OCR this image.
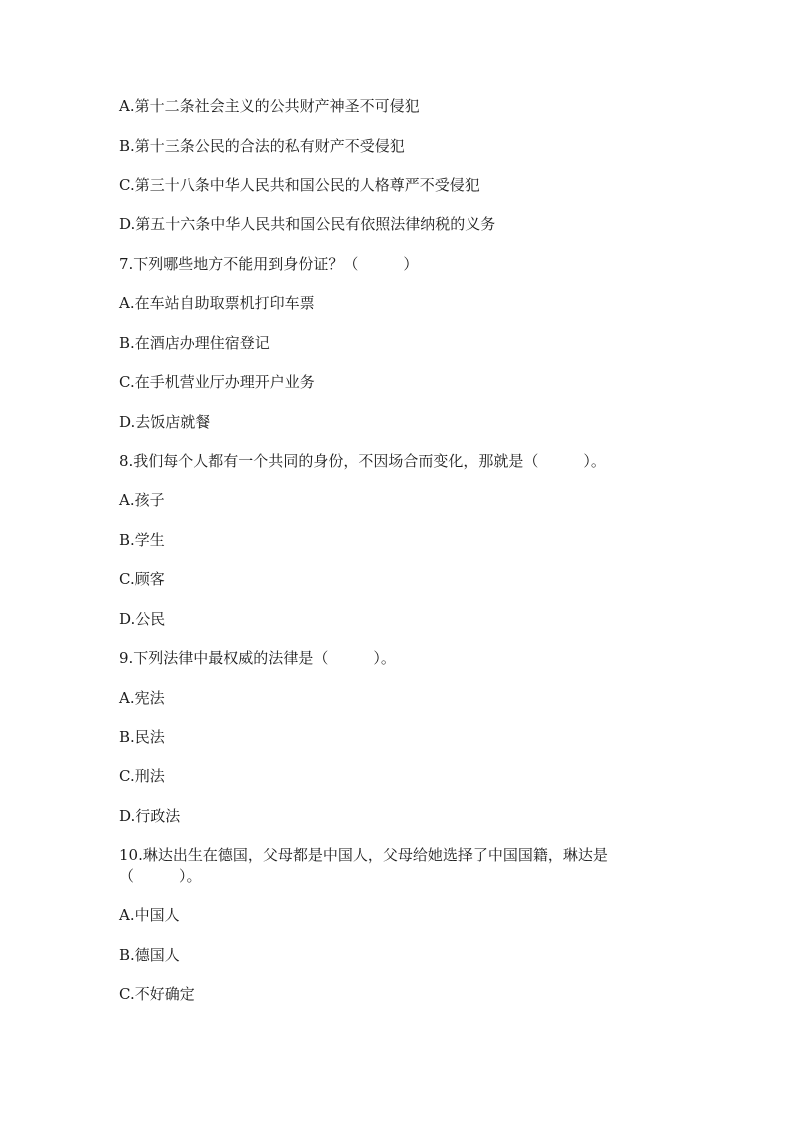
A.第十二条社会主义的公共财产神圣不可侵犯
B.第十三条公民的合法的私有财产不受侵犯
C.第三十八条中华人民共和国公民的人格尊严不受侵犯
D.第五十六条中华人民共和国公民有依照法律纳税的义务
7.下列哪些地方不能用到身份证？（　　　）
A.在车站自助取票机打印车票
B.在酒店办理住宿登记
C.在手机营业厅办理开户业务
D.去饭店就餐
8.我们每个人都有一个共同的身份，不因场合而变化，那就是（　　　）。
A.孩子
B.学生
C.顾客
D.公民
9.下列法律中最权威的法律是（　　　）。
A.宪法
B.民法
C.刑法
D.行政法
10.琳达出生在德国，父母都是中国人，父母给她选择了中国国籍，琳达是
（　　　）。
A.中国人
B.德国人
C.不好确定
